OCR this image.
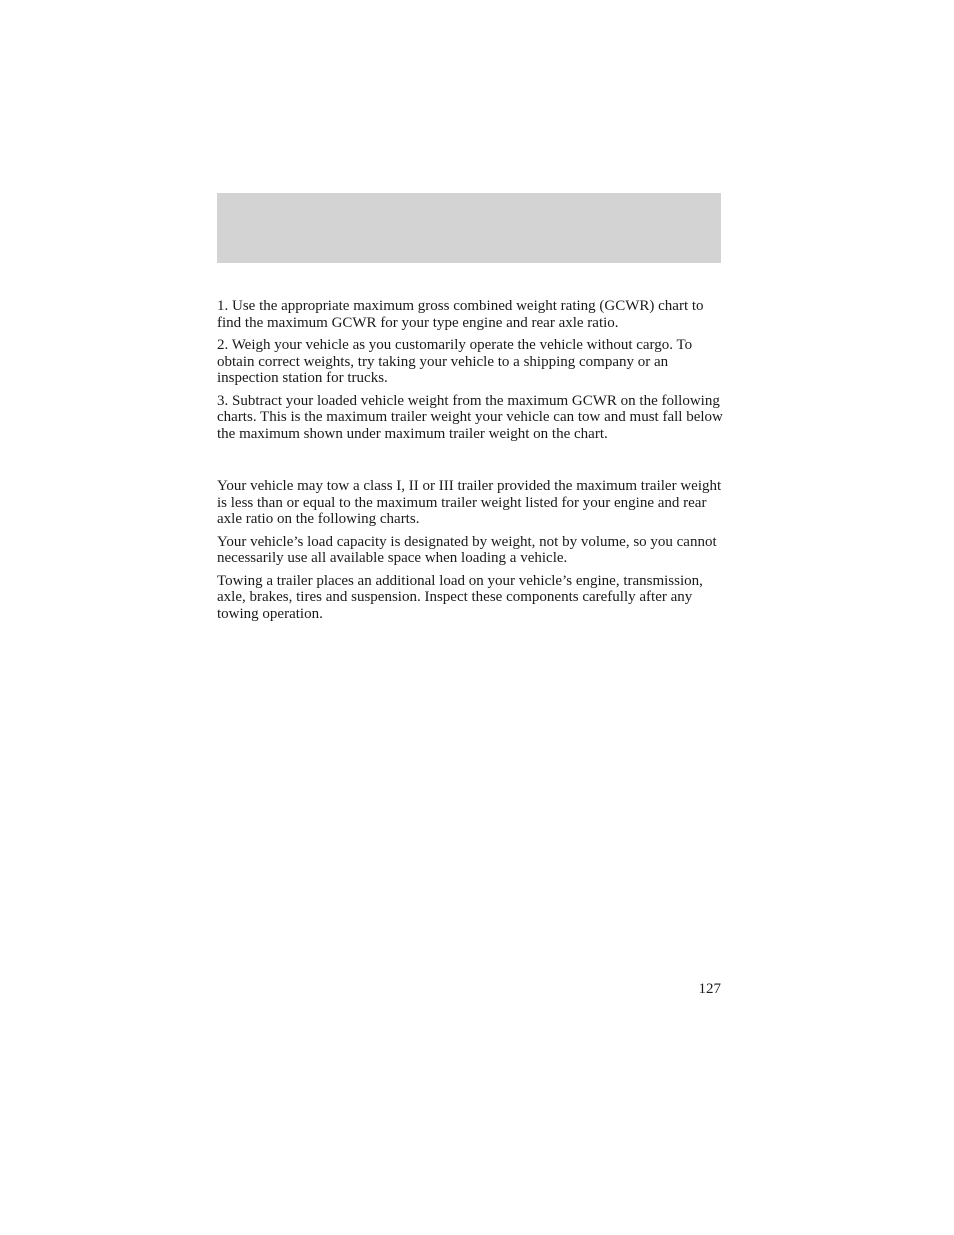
1. Use the appropriate maximum gross combined weight rating (GCWR) chart to find the maximum GCWR for your type engine and rear axle ratio.

2. Weigh your vehicle as you customarily operate the vehicle without cargo. To obtain correct weights, try taking your vehicle to a shipping company or an inspection station for trucks.

3. Subtract your loaded vehicle weight from the maximum GCWR on the following charts. This is the maximum trailer weight your vehicle can tow and must fall below the maximum shown under maximum trailer weight on the chart.

Your vehicle may tow a class I, II or III trailer provided the maximum trailer weight is less than or equal to the maximum trailer weight listed for your engine and rear axle ratio on the following charts.

Your vehicle’s load capacity is designated by weight, not by volume, so you cannot necessarily use all available space when loading a vehicle.

Towing a trailer places an additional load on your vehicle’s engine, transmission, axle, brakes, tires and suspension. Inspect these components carefully after any towing operation.

127
